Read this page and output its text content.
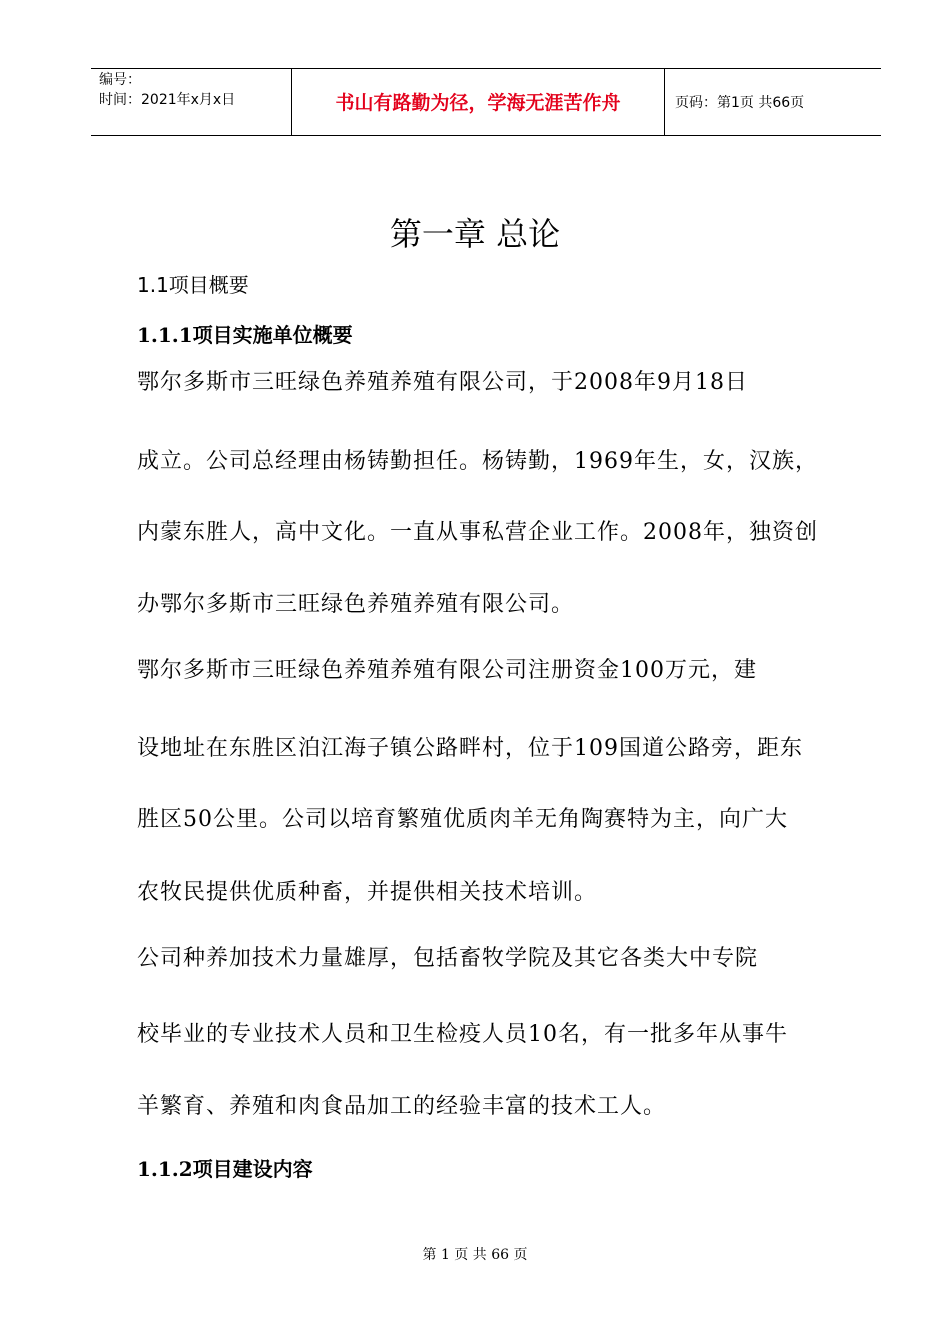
编号：
时间：2021年x月x日	书山有路勤为径，学海无涯苦作舟	页码：第1页 共66页
第一章 总论
1.1项目概要
1.1.1项目实施单位概要
鄂尔多斯市三旺绿色养殖养殖有限公司，于2008年9月18日
成立。公司总经理由杨铸勤担任。杨铸勤，1969年生，女，汉族，
内蒙东胜人，高中文化。一直从事私营企业工作。2008年，独资创
办鄂尔多斯市三旺绿色养殖养殖有限公司。
鄂尔多斯市三旺绿色养殖养殖有限公司注册资金100万元，建
设地址在东胜区泊江海子镇公路畔村，位于109国道公路旁，距东
胜区50公里。公司以培育繁殖优质肉羊无角陶赛特为主，向广大
农牧民提供优质种畜，并提供相关技术培训。
公司种养加技术力量雄厚，包括畜牧学院及其它各类大中专院
校毕业的专业技术人员和卫生检疫人员10名，有一批多年从事牛
羊繁育、养殖和肉食品加工的经验丰富的技术工人。
1.1.2项目建设内容
第 1 页 共 66 页
